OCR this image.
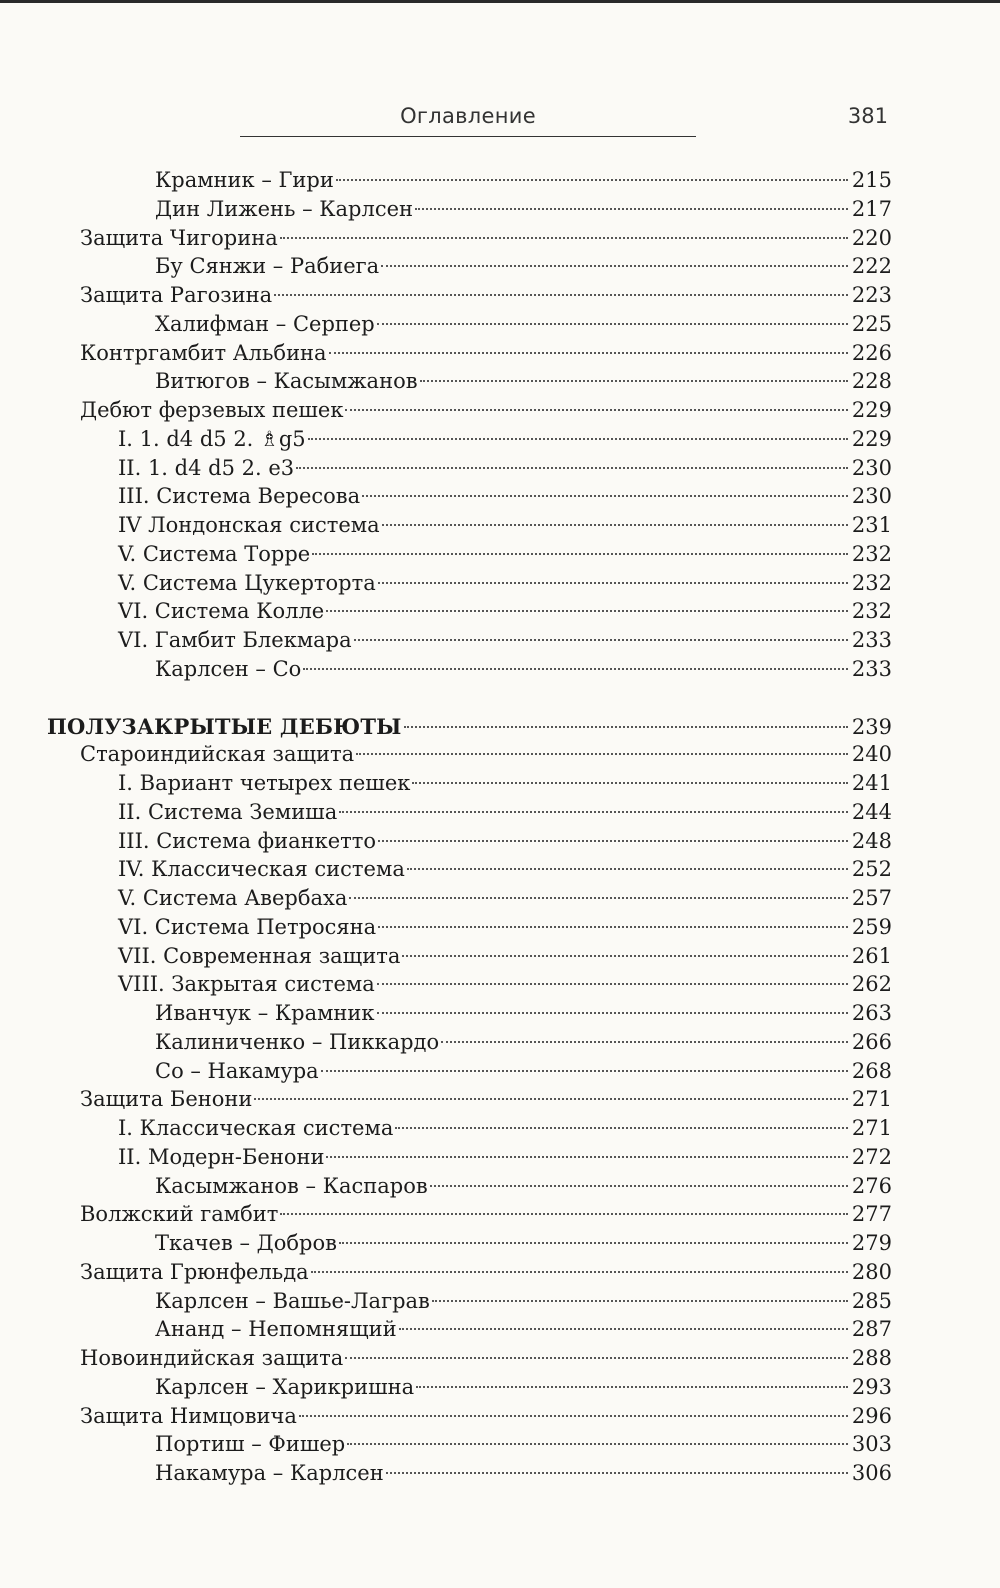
Оглавление	381
Крамник – Гири	215
Дин Лижень – Карлсен	217
Защита Чигорина	220
Бу Сянжи – Рабиега	222
Защита Рагозина	223
Халифман – Серпер	225
Контргамбит Альбина	226
Витюгов – Касымжанов	228
Дебют ферзевых пешек	229
I. 1. d4 d5 2. ♗g5	229
II. 1. d4 d5 2. e3	230
III. Система Вересова	230
IV Лондонская система	231
V. Система Торре	232
V. Система Цукерторта	232
VI. Система Колле	232
VI. Гамбит Блекмара	233
Карлсен – Со	233
ПОЛУЗАКРЫТЫЕ ДЕБЮТЫ	239
Староиндийская защита	240
I. Вариант четырех пешек	241
II. Система Земиша	244
III. Система фианкетто	248
IV. Классическая система	252
V. Система Авербаха	257
VI. Система Петросяна	259
VII. Современная защита	261
VIII. Закрытая система	262
Иванчук – Крамник	263
Калиниченко – Пиккардо	266
Со – Накамура	268
Защита Бенони	271
I. Классическая система	271
II. Модерн-Бенони	272
Касымжанов – Каспаров	276
Волжский гамбит	277
Ткачев – Добров	279
Защита Грюнфельда	280
Карлсен – Вашье-Лаграв	285
Ананд – Непомнящий	287
Новоиндийская защита	288
Карлсен – Харикришна	293
Защита Нимцовича	296
Портиш – Фишер	303
Накамура – Карлсен	306
